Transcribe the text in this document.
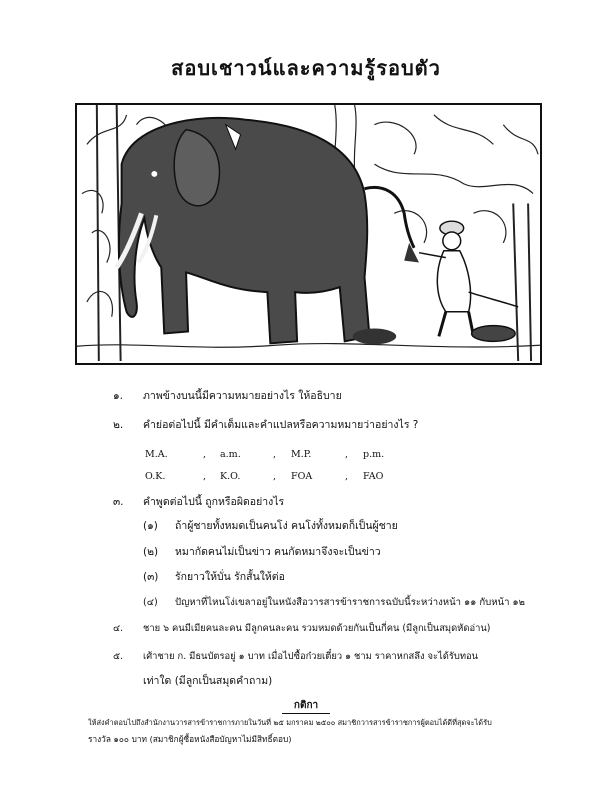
สอบเชาวน์และความรู้รอบตัว
๑. ภาพข้างบนนี้มีความหมายอย่างไร ให้อธิบาย
๒. คำย่อต่อไปนี้ มีคำเต็มและคำแปลหรือความหมายว่าอย่างไร ?
M.A.	, a.m.	, M.P.	, p.m.
O.K.	, K.O.	, FOA	, FAO
๓. คำพูดต่อไปนี้ ถูกหรือผิดอย่างไร
(๑) ถ้าผู้ชายทั้งหมดเป็นคนโง่ คนโง่ทั้งหมดก็เป็นผู้ชาย
(๒) หมากัดคนไม่เป็นข่าว คนกัดหมาจึงจะเป็นข่าว
(๓) รักยาวให้บั่น รักสั้นให้ต่อ
(๔) ปัญหาที่ไหนโง่เขลาอยู่ในหนังสือวารสารข้าราชการฉบับนี้ระหว่างหน้า ๑๑ กับหน้า ๑๒
๔. ชาย ๖ คนมีเมียคนละคน มีลูกคนละคน รวมหมดด้วยกันเป็นกี่คน (มีลูกเป็นสมุดหัดอ่าน)
๕. เศ้าชาย ก. มีธนบัตรอยู่ ๑ บาท เมื่อไปซื้อก๋วยเตี๋ยว ๑ ชาม ราคาหกสลึง จะได้รับทอน
เท่าใด (มีลูกเป็นสมุดคำถาม)
กติกา
ให้ส่งคำตอบไปถึงสำนักงานวารสารข้าราชการภายในวันที่ ๒๕ มกราคม ๒๕๐๐ สมาชิกวารสารข้าราชการผู้ตอบได้ดีที่สุดจะได้รับ
รางวัล ๑๐๐ บาท (สมาชิกผู้ซื้อหนังสือบัญหาไม่มีสิทธิ์ตอบ)
